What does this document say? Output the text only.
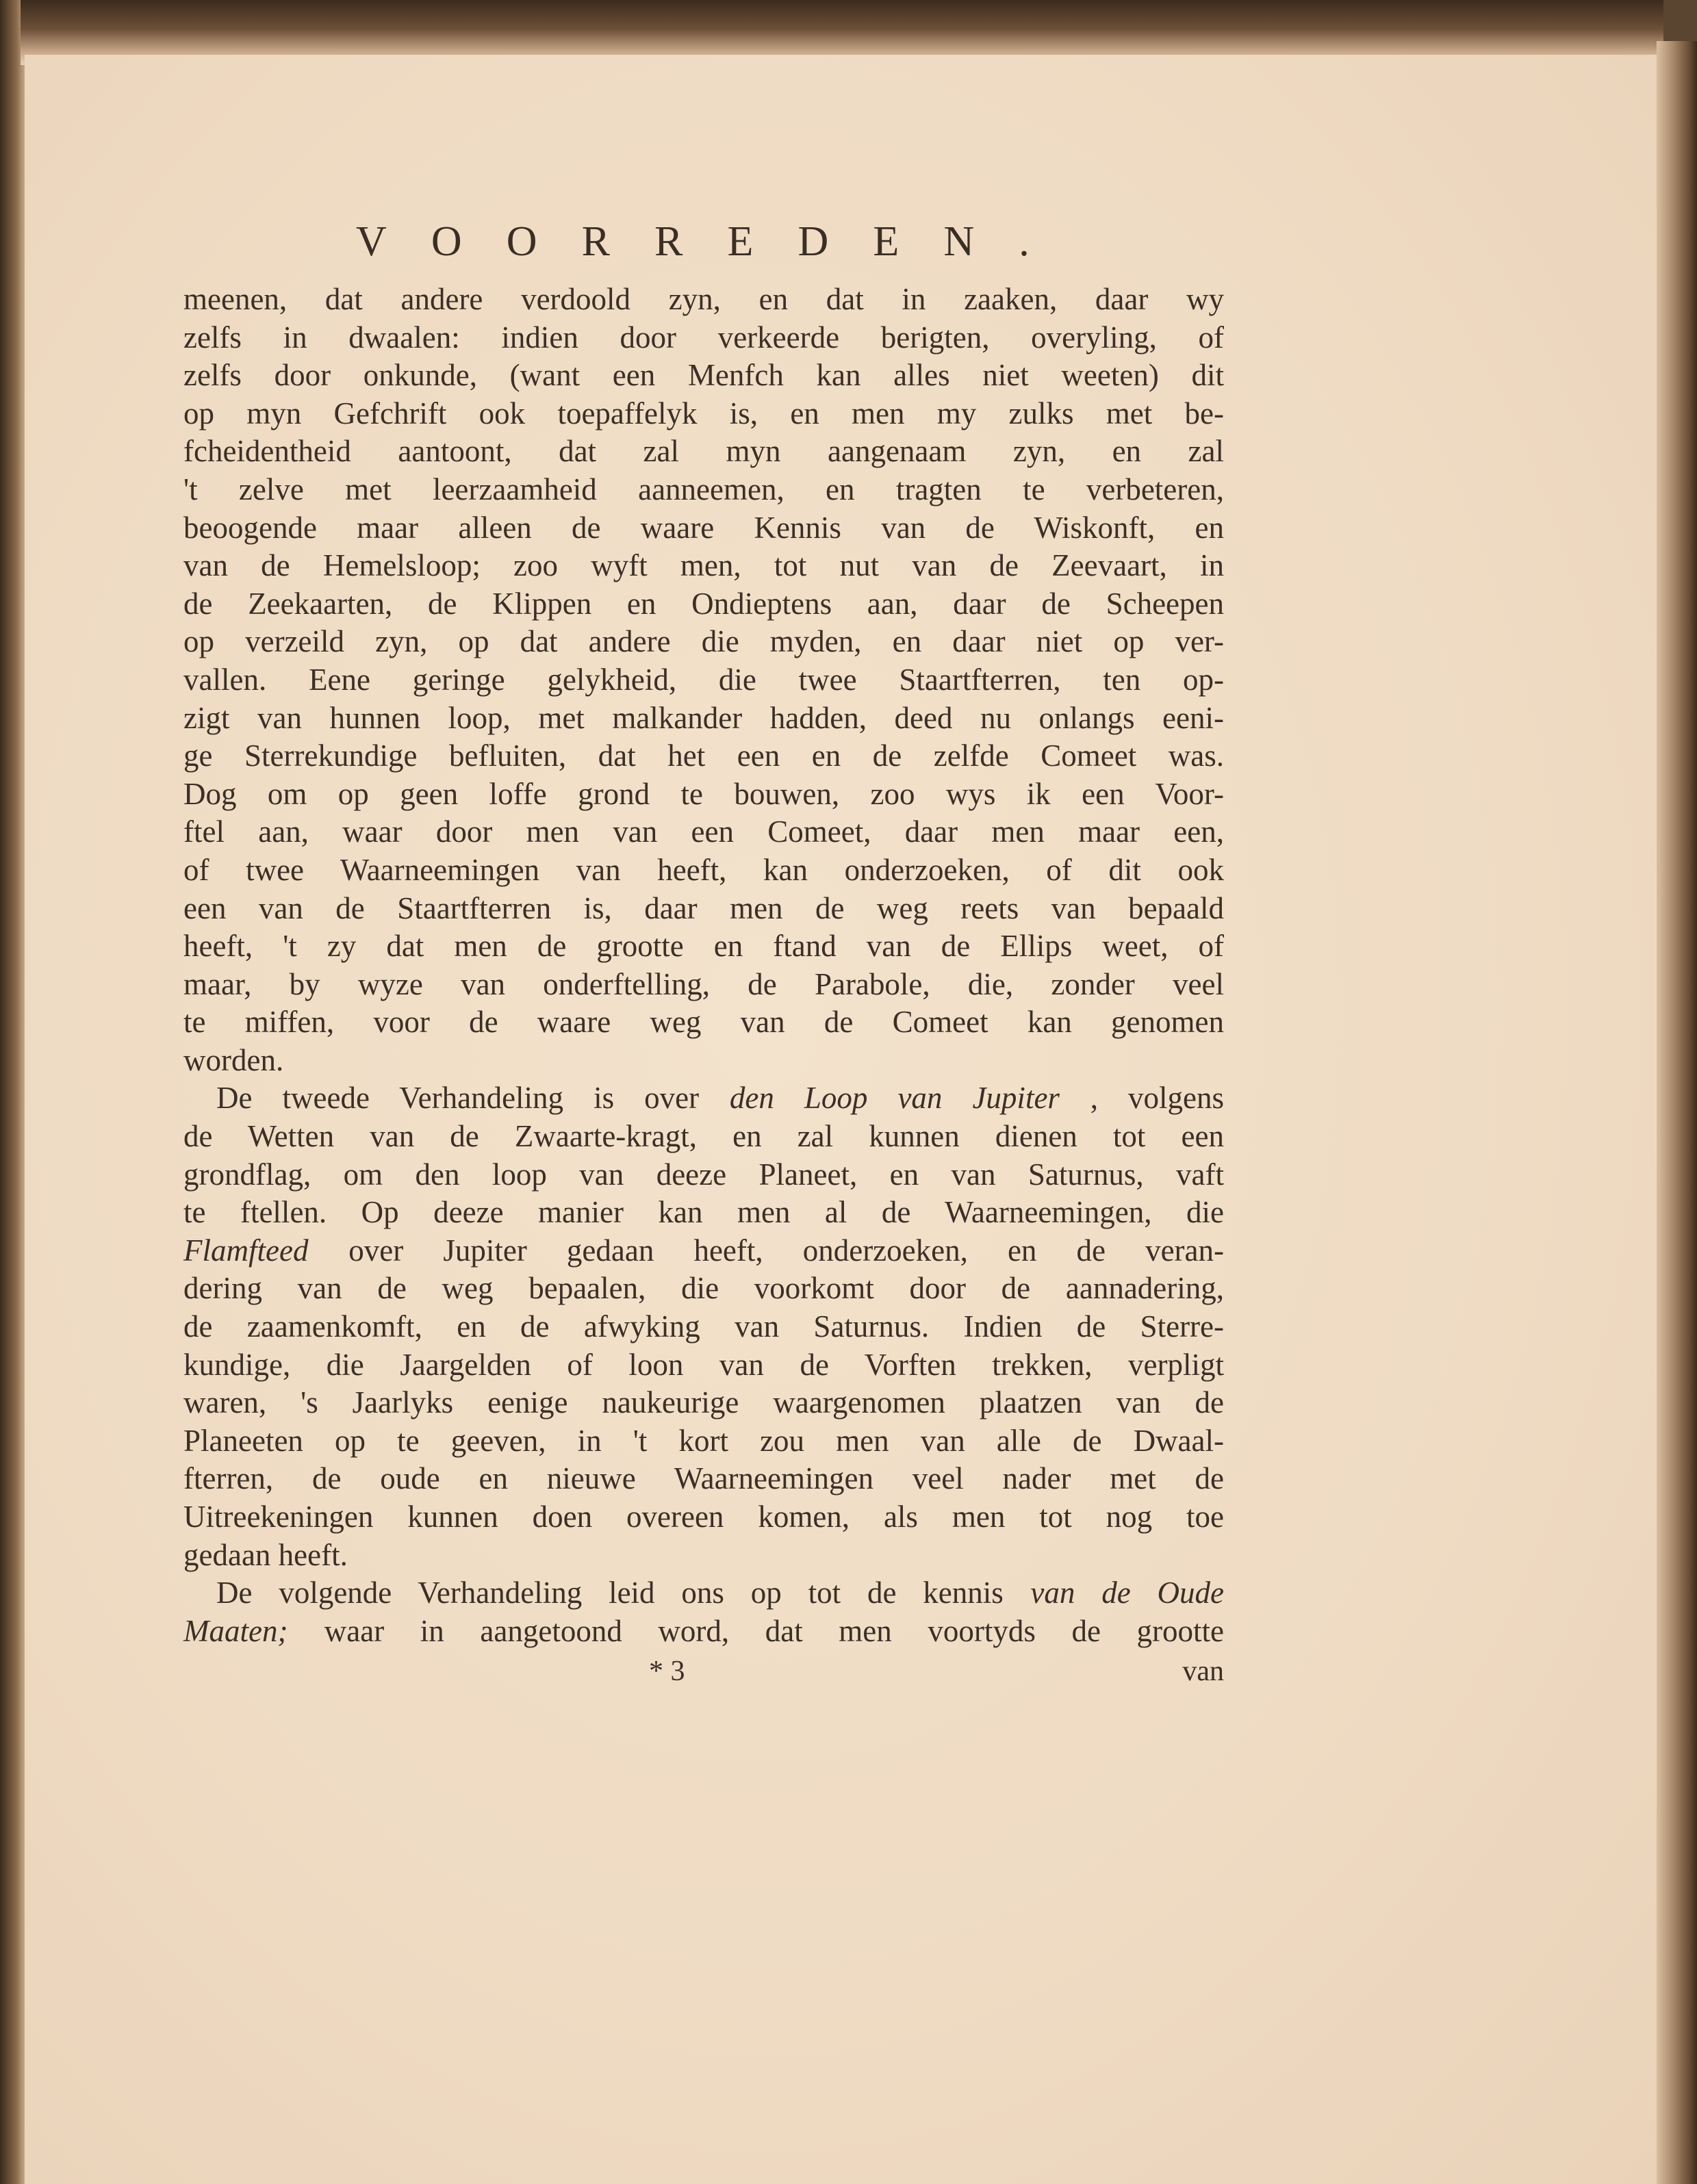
VOORREDEN.
meenen, dat andere verdoold zyn, en dat in zaaken, daar wy
zelfs in dwaalen: indien door verkeerde berigten, overyling, of
zelfs door onkunde, (want een Menfch kan alles niet weeten) dit
op myn Gefchrift ook toepaffelyk is, en men my zulks met be-
fcheidentheid aantoont, dat zal myn aangenaam zyn, en zal
't zelve met leerzaamheid aanneemen, en tragten te verbeteren,
beoogende maar alleen de waare Kennis van de Wiskonft, en
van de Hemelsloop; zoo wyft men, tot nut van de Zeevaart, in
de Zeekaarten, de Klippen en Ondieptens aan, daar de Scheepen
op verzeild zyn, op dat andere die myden, en daar niet op ver-
vallen. Eene geringe gelykheid, die twee Staartfterren, ten op-
zigt van hunnen loop, met malkander hadden, deed nu onlangs eeni-
ge Sterrekundige befluiten, dat het een en de zelfde Comeet was.
Dog om op geen loffe grond te bouwen, zoo wys ik een Voor-
ftel aan, waar door men van een Comeet, daar men maar een,
of twee Waarneemingen van heeft, kan onderzoeken, of dit ook
een van de Staartfterren is, daar men de weg reets van bepaald
heeft, 't zy dat men de grootte en ftand van de Ellips weet, of
maar, by wyze van onderftelling, de Parabole, die, zonder veel
te miffen, voor de waare weg van de Comeet kan genomen
worden.
De tweede Verhandeling is over den Loop van Jupiter , volgens
de Wetten van de Zwaarte-kragt, en zal kunnen dienen tot een
grondflag, om den loop van deeze Planeet, en van Saturnus, vaft
te ftellen. Op deeze manier kan men al de Waarneemingen, die
Flamfteed over Jupiter gedaan heeft, onderzoeken, en de veran-
dering van de weg bepaalen, die voorkomt door de aannadering,
de zaamenkomft, en de afwyking van Saturnus. Indien de Sterre-
kundige, die Jaargelden of loon van de Vorften trekken, verpligt
waren, 's Jaarlyks eenige naukeurige waargenomen plaatzen van de
Planeeten op te geeven, in 't kort zou men van alle de Dwaal-
fterren, de oude en nieuwe Waarneemingen veel nader met de
Uitreekeningen kunnen doen overeen komen, als men tot nog toe
gedaan heeft.
De volgende Verhandeling leid ons op tot de kennis van de Oude
Maaten; waar in aangetoond word, dat men voortyds de grootte
* 3	van
